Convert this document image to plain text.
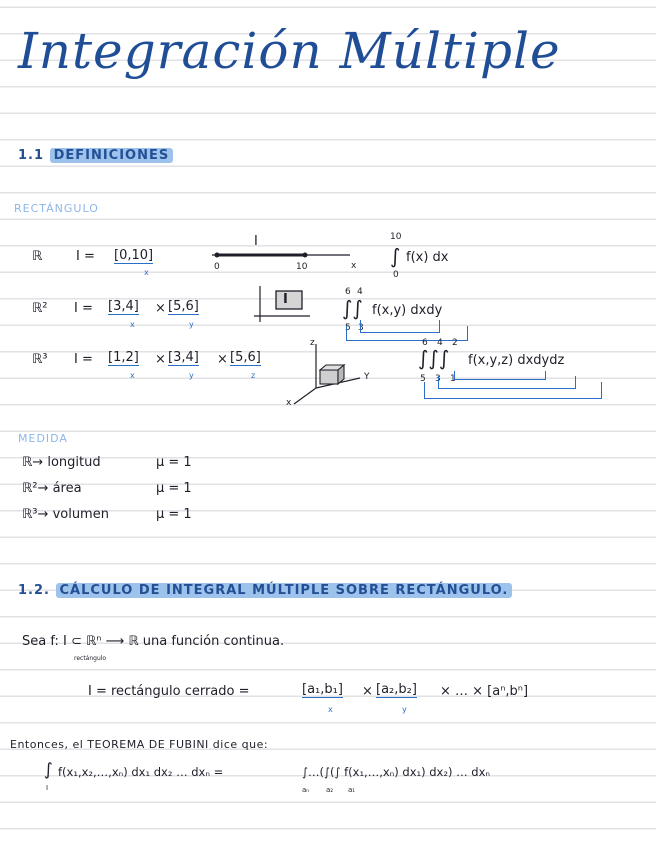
Integración Múltiple
1.1 DEFINICIONES
RECTÁNGULO
ℝ	I = [0,10]
x
I
0	10	x
10
∫
0
f(x) dx
ℝ² I = [3,4] × [5,6]
x	y
I	6 4
∫∫
5 3
f(x,y) dxdy
ℝ³ I = [1,2] × [3,4] × [5,6]
x	y	z
z
Y
x
6 4 2
∫∫∫
5 3 1
f(x,y,z) dxdydz
MEDIDA
ℝ→ longitud	μ = 1
ℝ²→ área	μ = 1
ℝ³→ volumen	μ = 1
1.2. CÁLCULO DE INTEGRAL MÚLTIPLE SOBRE RECTÁNGULO.
Sea f: I ⊂ ℝⁿ ⟶ ℝ una función continua.
rectángulo
I = rectángulo cerrado =	[a₁,b₁] × [a₂,b₂] × … × [aⁿ,bⁿ]
x	y
Entonces, el TEOREMA DE FUBINI dice que:
∫
I
f(x₁,x₂,…,xₙ) dx₁ dx₂ … dxₙ =	∫…(∫(∫ f(x₁,…,xₙ) dx₁) dx₂) … dxₙ
aₙ a₂ a₁
